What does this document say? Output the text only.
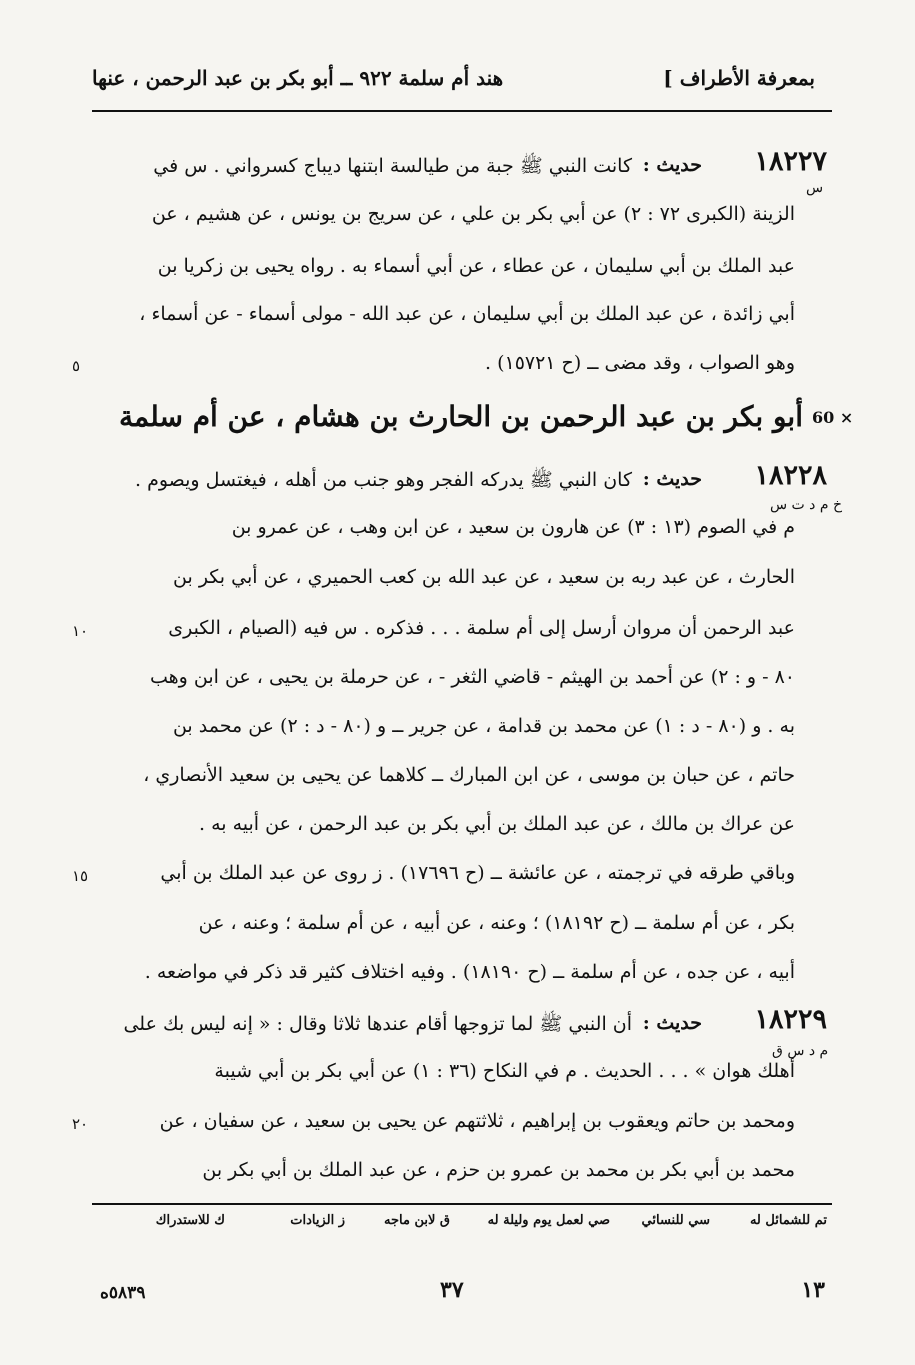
بمعرفة الأطراف ]
هند أم سلمة ٩٢٢ ــ أبو بكر بن عبد الرحمن ، عنها
١٨٢٢٧
حديث :
كانت النبي ﷺ جبة من طيالسة ابتنها ديباج كسرواني . س في
س
الزينة (الكبرى ٧٢ : ٢) عن أبي بكر بن علي ، عن سريج بن يونس ، عن هشيم ، عن
عبد الملك بن أبي سليمان ، عن عطاء ، عن أبي أسماء به . رواه يحيى بن زكريا بن
أبي زائدة ، عن عبد الملك بن أبي سليمان ، عن عبد الله - مولى أسماء - عن أسماء ،
وهو الصواب ، وقد مضى ــ (ح ١٥٧٢١) .
٥
60 ×
أبو بكر بن عبد الرحمن بن الحارث بن هشام ، عن أم سلمة
١٨٢٢٨
حديث :
كان النبي ﷺ يدركه الفجر وهو جنب من أهله ، فيغتسل ويصوم .
خ م د ت س
م في الصوم (١٣ : ٣) عن هارون بن سعيد ، عن ابن وهب ، عن عمرو بن
الحارث ، عن عبد ربه بن سعيد ، عن عبد الله بن كعب الحميري ، عن أبي بكر بن
عبد الرحمن أن مروان أرسل إلى أم سلمة . . . فذكره . س فيه (الصيام ، الكبرى
١٠
٨٠ - و : ٢) عن أحمد بن الهيثم - قاضي الثغر - ، عن حرملة بن يحيى ، عن ابن وهب
به . و (٨٠ - د : ١) عن محمد بن قدامة ، عن جرير ــ و (٨٠ - د : ٢) عن محمد بن
حاتم ، عن حبان بن موسى ، عن ابن المبارك ــ كلاهما عن يحيى بن سعيد الأنصاري ،
عن عراك بن مالك ، عن عبد الملك بن أبي بكر بن عبد الرحمن ، عن أبيه به .
وباقي طرقه في ترجمته ، عن عائشة ــ (ح ١٧٦٩٦) . ز روى عن عبد الملك بن أبي
١٥
بكر ، عن أم سلمة ــ (ح ١٨١٩٢) ؛ وعنه ، عن أبيه ، عن أم سلمة ؛ وعنه ، عن
أبيه ، عن جده ، عن أم سلمة ــ (ح ١٨١٩٠) . وفيه اختلاف كثير قد ذكر في مواضعه .
١٨٢٢٩
حديث :
أن النبي ﷺ لما تزوجها أقام عندها ثلاثا وقال : « إنه ليس بك على
م د س ق
أهلك هوان » . . . الحديث . م في النكاح (٣٦ : ١) عن أبي بكر بن أبي شيبة
ومحمد بن حاتم ويعقوب بن إبراهيم ، ثلاثتهم عن يحيى بن سعيد ، عن سفيان ، عن
٢٠
محمد بن أبي بكر بن محمد بن عمرو بن حزم ، عن عبد الملك بن أبي بكر بن
تم للشمائل له
سي للنسائي
صي لعمل يوم وليلة له
ق لابن ماجه
ز الزيادات
ك للاستدراك
١٣
٣٧
٥٨٣٩ه
